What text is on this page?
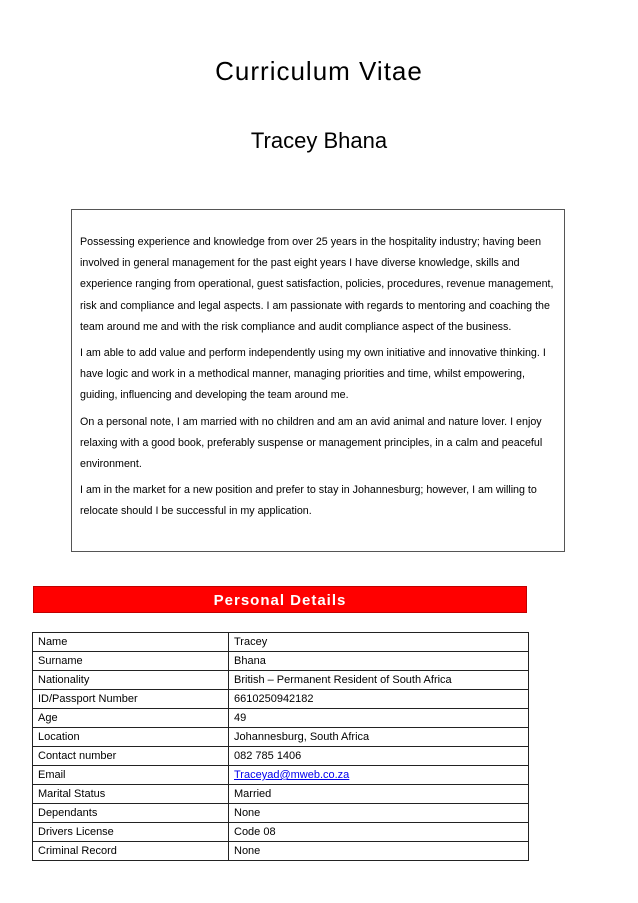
Curriculum Vitae
Tracey Bhana

Possessing experience and knowledge from over 25 years in the hospitality industry; having been involved in general management for the past eight years I have diverse knowledge, skills and experience ranging from operational, guest satisfaction, policies, procedures, revenue management, risk and compliance and legal aspects. I am passionate with regards to mentoring and coaching the team around me and with the risk compliance and audit compliance aspect of the business.

I am able to add value and perform independently using my own initiative and innovative thinking. I have logic and work in a methodical manner, managing priorities and time, whilst empowering, guiding, influencing and developing the team around me.

On a personal note, I am married with no children and am an avid animal and nature lover. I enjoy relaxing with a good book, preferably suspense or management principles, in a calm and peaceful environment.

I am in the market for a new position and prefer to stay in Johannesburg; however, I am willing to relocate should I be successful in my application.

Personal Details
Name	Tracey
Surname	Bhana
Nationality	British – Permanent Resident of South Africa
ID/Passport Number	6610250942182
Age	49
Location	Johannesburg, South Africa
Contact number	082 785 1406
Email	Traceyad@mweb.co.za
Marital Status	Married
Dependants	None
Drivers License	Code 08
Criminal Record	None
